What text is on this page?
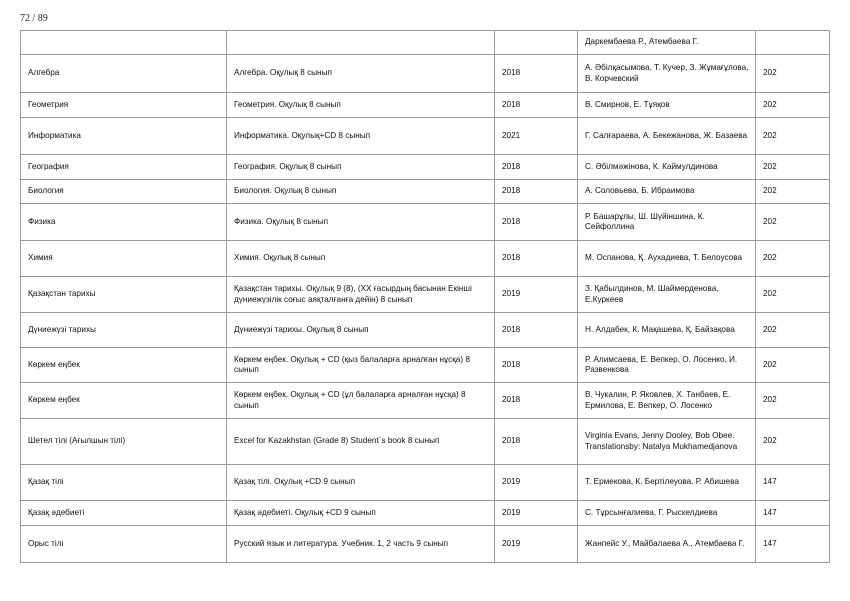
72 / 89
			Даркембаева Р., Атембаева Г.	
Алгебра	Алгебра. Оқулық 8 сынып	2018	А. Әбілқасымова, Т. Кучер, З. Жұмағұлова, В. Корчевский	202
Геометрия	Геометрия. Оқулық 8 сынып	2018	В. Смирнов, Е. Тұяқов	202
Информатика	Информатика. Оқулық+CD 8 сынып	2021	Г. Салғараева, А. Бекежанова, Ж. Базаева	202
География	География. Оқулық 8 сынып	2018	С. Әбілмәжінова, К. Каймулдинова	202
Биология	Биология. Оқулық 8 сынып	2018	А. Соловьева, Б. Ибраимова	202
Физика	Физика. Оқулық 8 сынып	2018	Р. Башарұлы, Ш. Шүйіншина, К. Сейфоллина	202
Химия	Химия. Оқулық 8 сынып	2018	М. Оспанова, Қ. Аухадиева, Т. Белоусова	202
Қазақстан тарихы	Қазақстан тарихы. Оқулық 9 (8), (ХХ ғасырдың басынан Екінші дүниежүзілік соғыс аяқталғанға дейін) 8 сынып	2019	З. Қабылдинов, М. Шаймерденова, Е.Куркеев	202
Дүниежүзі тарихы	Дүниежүзі тарихы. Оқулық 8 сынып	2018	Н. Алдабек, К. Мақашева, Қ. Байзақова	202
Көркем еңбек	Көркем еңбек. Оқулық + CD (қыз балаларға арналған нұсқа) 8 сынып	2018	Р. Алимсаева, Е. Вепкер, О. Лосенко, И. Развенкова	202
Көркем еңбек	Көркем еңбек. Оқулық + CD (ұл балаларға арналған нұсқа) 8 сынып	2018	В. Чукалин, Р. Яковлев, Х. Танбаев, Е. Ермилова, Е. Вепкер, О. Лосенко	202
Шетел тілі (Ағылшын тілі)	Excel for Kazakhstan (Grade 8) Student`s book 8 сынып	2018	Virginia Evans, Jenny Dooley, Bob Obee. Translationsby: Natalya Mukhamedjanova	202
Қазақ тілі	Қазақ тілі. Оқулық +CD 9 сынып	2019	Т. Ермекова, К. Бертілеуова. Р. Абишева	147
Қазақ әдебиеті	Қазақ әдебиеті. Оқулық +CD 9 сынып	2019	С. Тұрсынғалиева, Г. Рыскелдиева	147
Орыс тілі	Русский язык и литература. Учебник. 1, 2 часть 9 сынып	2019	Жанпейс У., Майбалаева А., Атембаева Г.	147
